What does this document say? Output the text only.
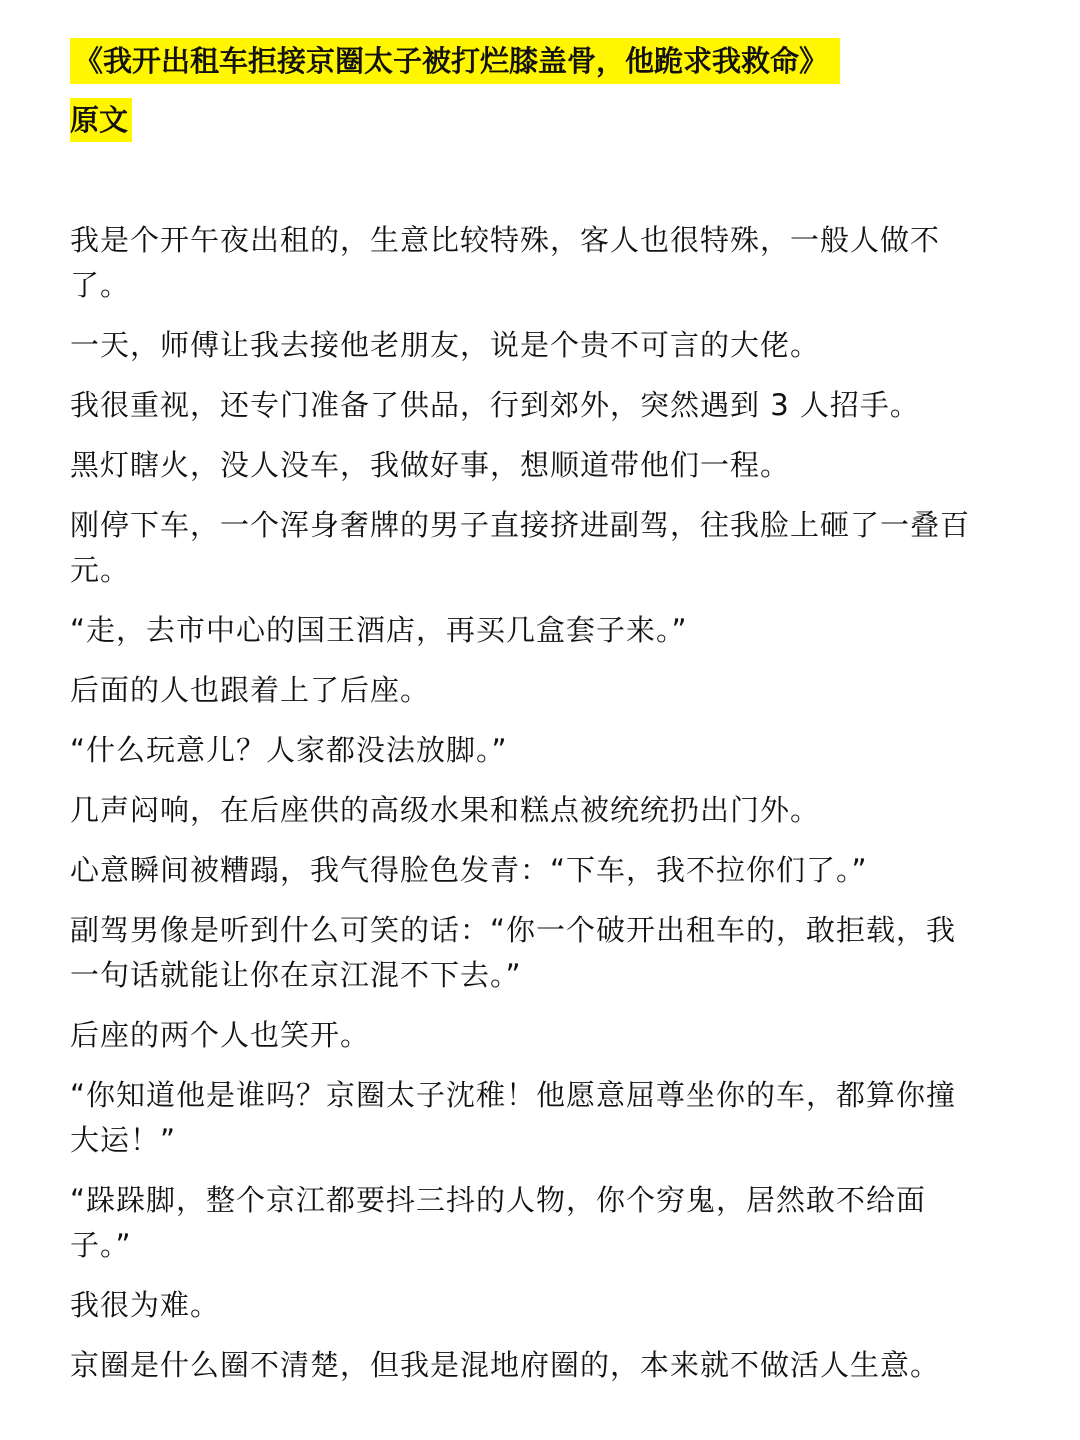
《我开出租车拒接京圈太子被打烂膝盖骨，他跪求我救命》
原文

我是个开午夜出租的，生意比较特殊，客人也很特殊，一般人做不了。

一天，师傅让我去接他老朋友，说是个贵不可言的大佬。

我很重视，还专门准备了供品，行到郊外，突然遇到 3 人招手。

黑灯瞎火，没人没车，我做好事，想顺道带他们一程。

刚停下车，一个浑身奢牌的男子直接挤进副驾，往我脸上砸了一叠百元。

“走，去市中心的国王酒店，再买几盒套子来。”

后面的人也跟着上了后座。

“什么玩意儿？人家都没法放脚。”

几声闷响，在后座供的高级水果和糕点被统统扔出门外。

心意瞬间被糟蹋，我气得脸色发青：“下车，我不拉你们了。”

副驾男像是听到什么可笑的话：“你一个破开出租车的，敢拒载，我一句话就能让你在京江混不下去。”

后座的两个人也笑开。

“你知道他是谁吗？京圈太子沈稚！他愿意屈尊坐你的车，都算你撞大运！”

“跺跺脚，整个京江都要抖三抖的人物，你个穷鬼，居然敢不给面子。”

我很为难。

京圈是什么圈不清楚，但我是混地府圈的，本来就不做活人生意。
